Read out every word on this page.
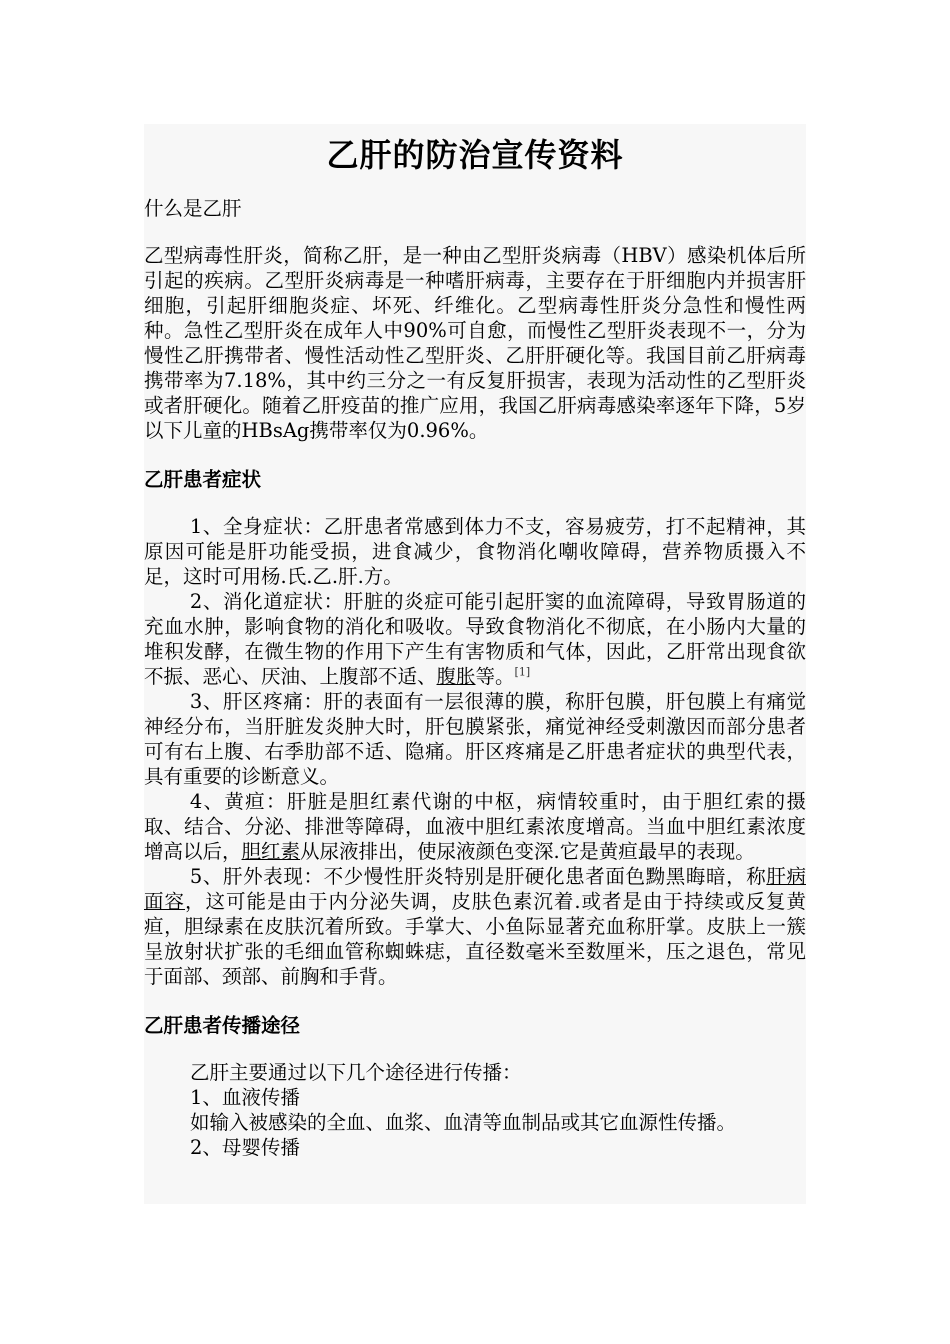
乙肝的防治宣传资料
什么是乙肝

乙型病毒性肝炎，简称乙肝，是一种由乙型肝炎病毒（HBV）感染机体后所引起的疾病。乙型肝炎病毒是一种嗜肝病毒，主要存在于肝细胞内并损害肝细胞，引起肝细胞炎症、坏死、纤维化。乙型病毒性肝炎分急性和慢性两种。急性乙型肝炎在成年人中90%可自愈，而慢性乙型肝炎表现不一，分为慢性乙肝携带者、慢性活动性乙型肝炎、乙肝肝硬化等。我国目前乙肝病毒携带率为7.18%，其中约三分之一有反复肝损害，表现为活动性的乙型肝炎或者肝硬化。随着乙肝疫苗的推广应用，我国乙肝病毒感染率逐年下降，5岁以下儿童的HBsAg携带率仅为0.96%。

乙肝患者症状

1、全身症状：乙肝患者常感到体力不支，容易疲劳，打不起精神，其原因可能是肝功能受损，进食减少，食物消化嘲收障碍，营养物质摄入不足，这时可用杨.氏.乙.肝.方。

2、消化道症状：肝脏的炎症可能引起肝窦的血流障碍，导致胃肠道的充血水肿，影响食物的消化和吸收。导致食物消化不彻底，在小肠内大量的堆积发酵，在微生物的作用下产生有害物质和气体，因此，乙肝常出现食欲不振、恶心、厌油、上腹部不适、腹胀等。[1]

3、肝区疼痛：肝的表面有一层很薄的膜，称肝包膜，肝包膜上有痛觉神经分布，当肝脏发炎肿大时，肝包膜紧张，痛觉神经受刺激因而部分患者可有右上腹、右季肋部不适、隐痛。肝区疼痛是乙肝患者症状的典型代表，具有重要的诊断意义。

4、黄疸：肝脏是胆红素代谢的中枢，病情较重时，由于胆红索的摄取、结合、分泌、排泄等障碍，血液中胆红素浓度增高。当血中胆红素浓度增高以后，胆红素从尿液排出，使尿液颜色变深.它是黄疸最早的表现。

5、肝外表现：不少慢性肝炎特别是肝硬化患者面色黝黑晦暗，称肝病面容，这可能是由于内分泌失调，皮肤色素沉着.或者是由于持续或反复黄疸，胆绿素在皮肤沉着所致。手掌大、小鱼际显著充血称肝掌。皮肤上一簇呈放射状扩张的毛细血管称蜘蛛痣，直径数毫米至数厘米，压之退色，常见于面部、颈部、前胸和手背。

乙肝患者传播途径

乙肝主要通过以下几个途径进行传播：

1、血液传播

如输入被感染的全血、血浆、血清等血制品或其它血源性传播。

2、母婴传播
